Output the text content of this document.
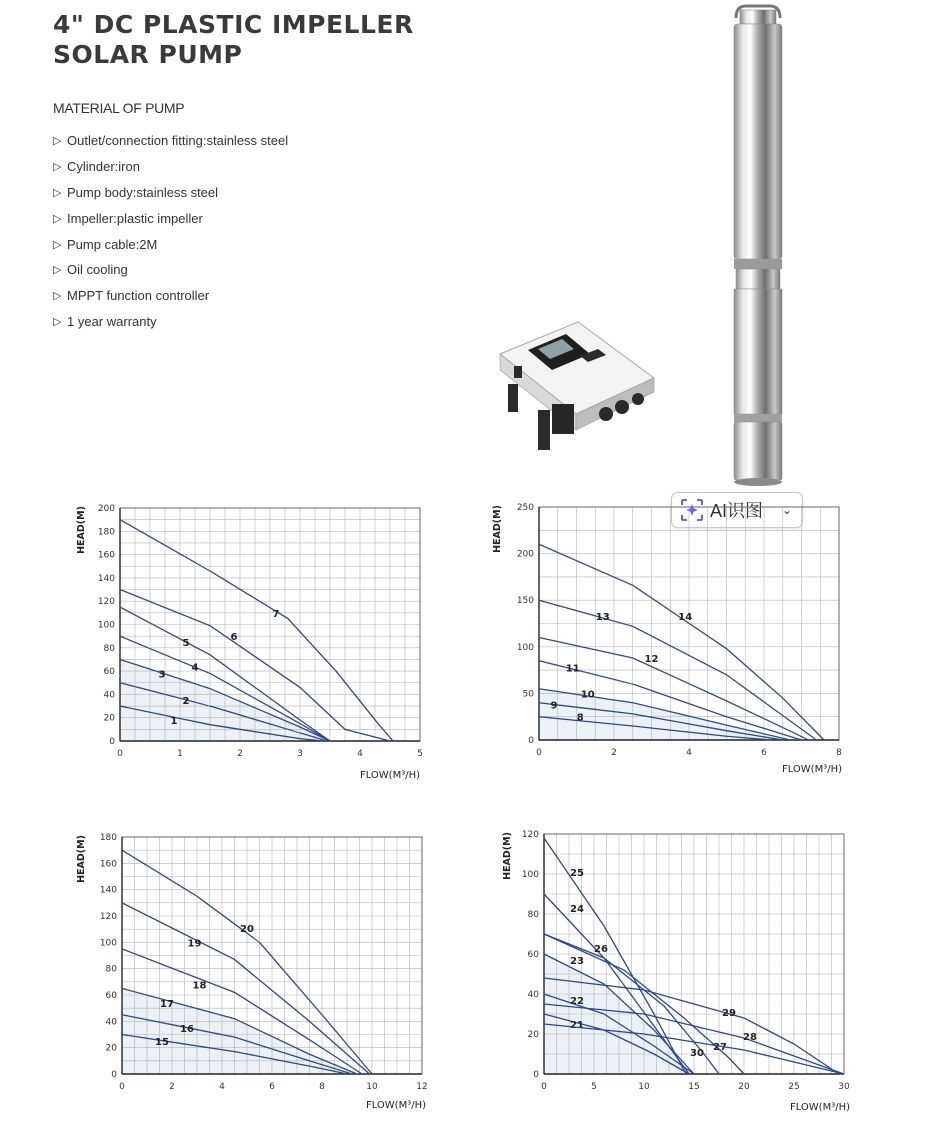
4" DC PLASTIC IMPELLER
SOLAR PUMP
MATERIAL OF PUMP
▷ Outlet/connection fitting:stainless steel
▷ Cylinder:iron
▷ Pump body:stainless steel
▷ Impeller:plastic impeller
▷ Pump cable:2M
▷ Oil cooling
▷ MPPT function controller
▷ 1 year warranty
AI识图 ⌄
0	1	2	3	4	5
0
20
40
60
80
100
120
140
160
180
200
HEAD(M)
FLOW(M³/H)
1
2
3
4
5
6
7
0	2	4	6	8
0
50
100
150
200
250
HEAD(M)
FLOW(M³/H)
8
9
10
11
12
13	14
0	2	4	6	8	10	12
0
20
40
60
80
100
120
140
160
180
HEAD(M)
FLOW(M³/H)
15
16
17
18
19
20
0	5	10	15	20	25	30
0
20
40
60
80
100
120
HEAD(M)
FLOW(M³/H)
21
22
23
24
25
26
27
28
29
30
